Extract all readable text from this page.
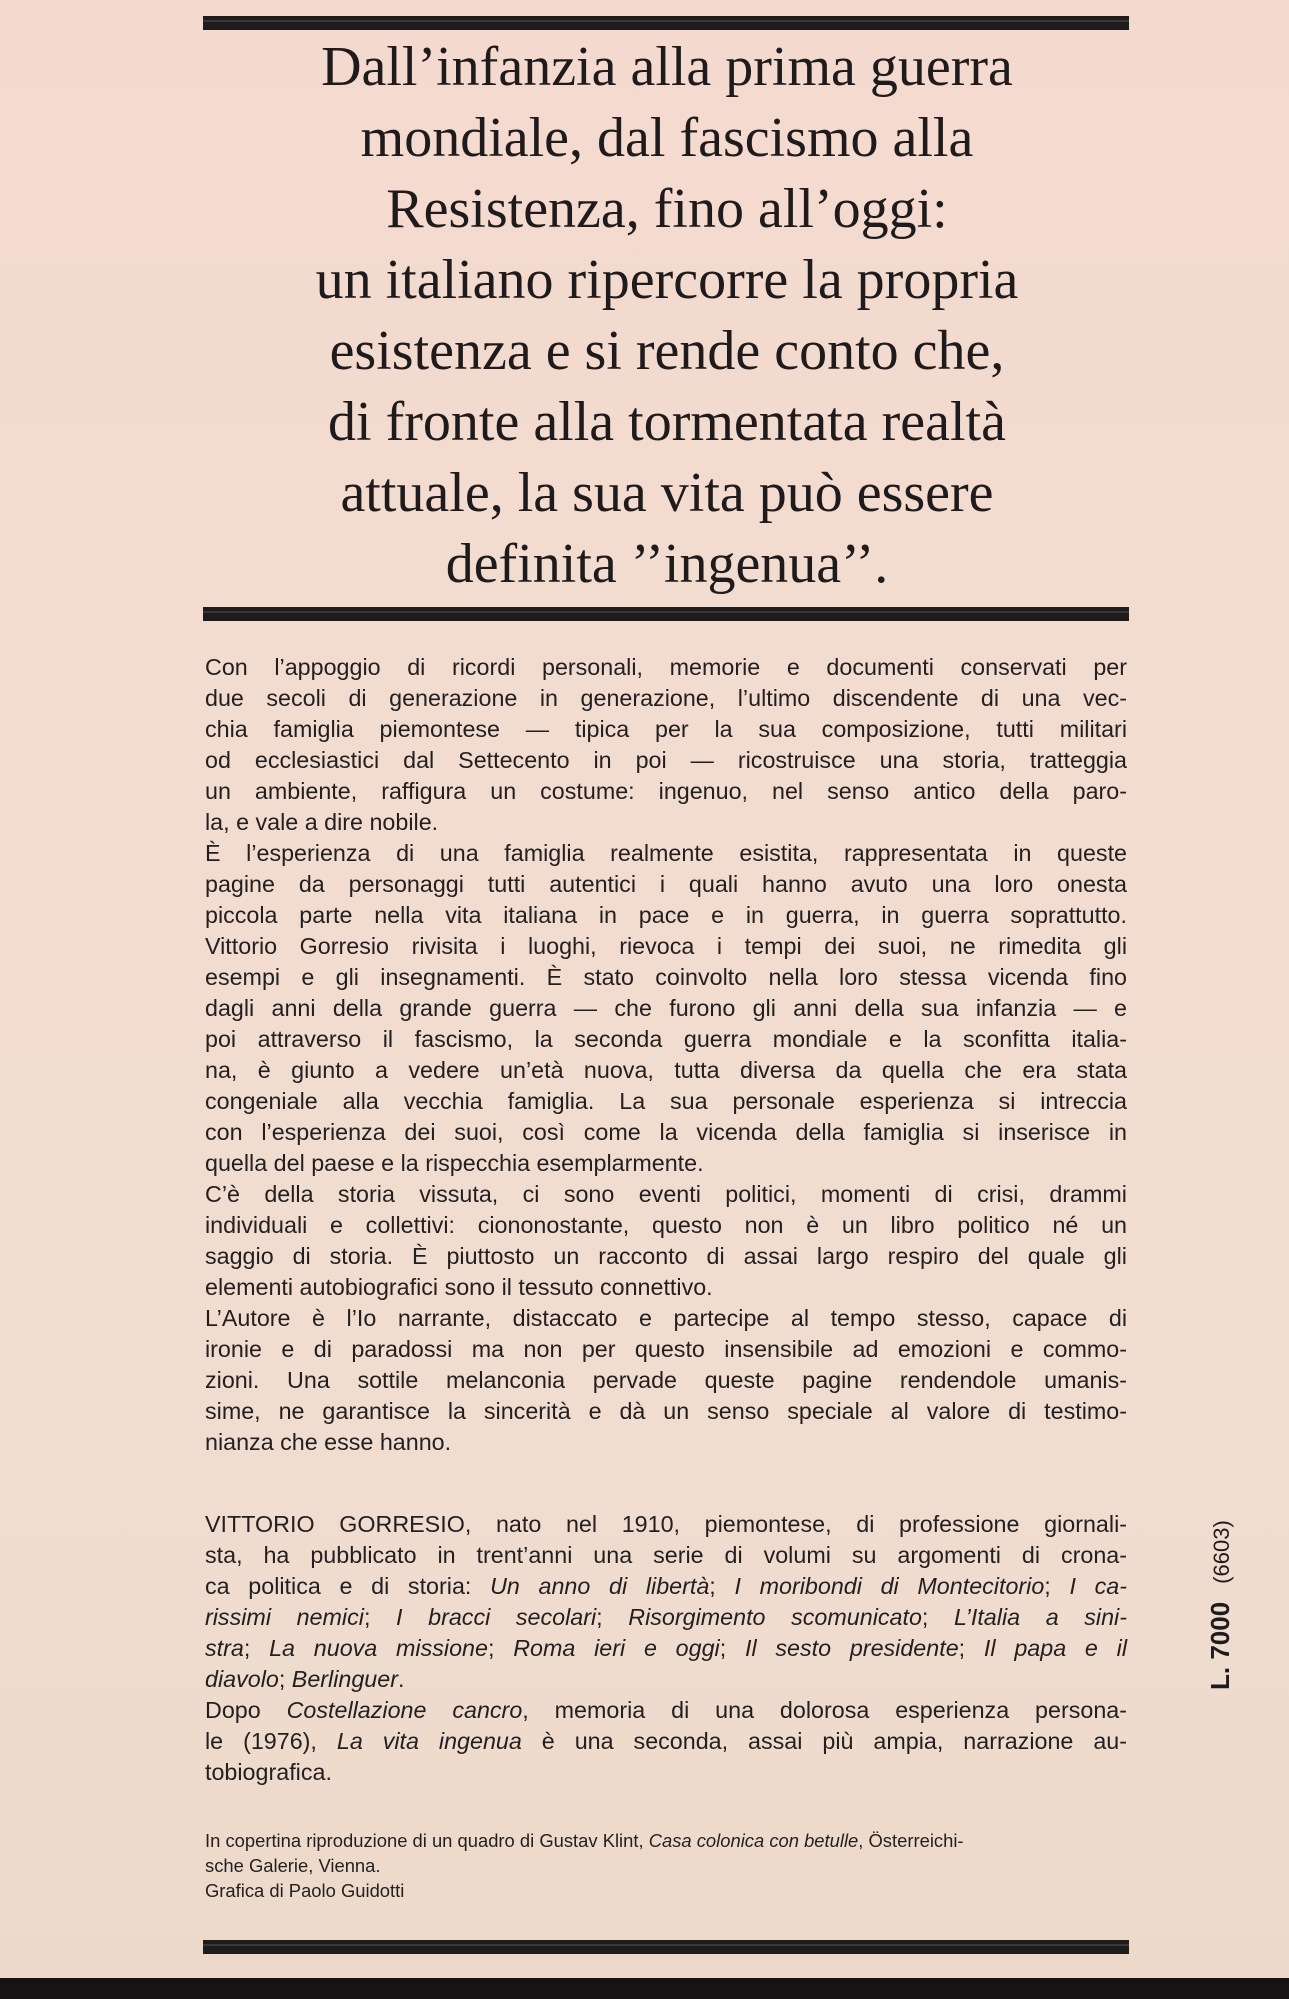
Dall’infanzia alla prima guerra
mondiale, dal fascismo alla
Resistenza, fino all’oggi:
un italiano ripercorre la propria
esistenza e si rende conto che,
di fronte alla tormentata realtà
attuale, la sua vita può essere
definita ’’ingenua’’.
Con l’appoggio di ricordi personali, memorie e documenti conservati per
due secoli di generazione in generazione, l’ultimo discendente di una vec-
chia famiglia piemontese — tipica per la sua composizione, tutti militari
od ecclesiastici dal Settecento in poi — ricostruisce una storia, tratteggia
un ambiente, raffigura un costume: ingenuo, nel senso antico della paro-
la, e vale a dire nobile.
È l’esperienza di una famiglia realmente esistita, rappresentata in queste
pagine da personaggi tutti autentici i quali hanno avuto una loro onesta
piccola parte nella vita italiana in pace e in guerra, in guerra soprattutto.
Vittorio Gorresio rivisita i luoghi, rievoca i tempi dei suoi, ne rimedita gli
esempi e gli insegnamenti. È stato coinvolto nella loro stessa vicenda fino
dagli anni della grande guerra — che furono gli anni della sua infanzia — e
poi attraverso il fascismo, la seconda guerra mondiale e la sconfitta italia-
na, è giunto a vedere un’età nuova, tutta diversa da quella che era stata
congeniale alla vecchia famiglia. La sua personale esperienza si intreccia
con l’esperienza dei suoi, così come la vicenda della famiglia si inserisce in
quella del paese e la rispecchia esemplarmente.
C’è della storia vissuta, ci sono eventi politici, momenti di crisi, drammi
individuali e collettivi: ciononostante, questo non è un libro politico né un
saggio di storia. È piuttosto un racconto di assai largo respiro del quale gli
elementi autobiografici sono il tessuto connettivo.
L’Autore è l’Io narrante, distaccato e partecipe al tempo stesso, capace di
ironie e di paradossi ma non per questo insensibile ad emozioni e commo-
zioni. Una sottile melanconia pervade queste pagine rendendole umanis-
sime, ne garantisce la sincerità e dà un senso speciale al valore di testimo-
nianza che esse hanno.
VITTORIO GORRESIO, nato nel 1910, piemontese, di professione giornali-
sta, ha pubblicato in trent’anni una serie di volumi su argomenti di crona-
ca politica e di storia: Un anno di libertà; I moribondi di Montecitorio; I ca-
rissimi nemici; I bracci secolari; Risorgimento scomunicato; L’Italia a sini-
stra; La nuova missione; Roma ieri e oggi; Il sesto presidente; Il papa e il
diavolo; Berlinguer.
Dopo Costellazione cancro, memoria di una dolorosa esperienza persona-
le (1976), La vita ingenua è una seconda, assai più ampia, narrazione au-
tobiografica.
In copertina riproduzione di un quadro di Gustav Klint, Casa colonica con betulle, Österreichi-
sche Galerie, Vienna.
Grafica di Paolo Guidotti
L. 7000(6603)
